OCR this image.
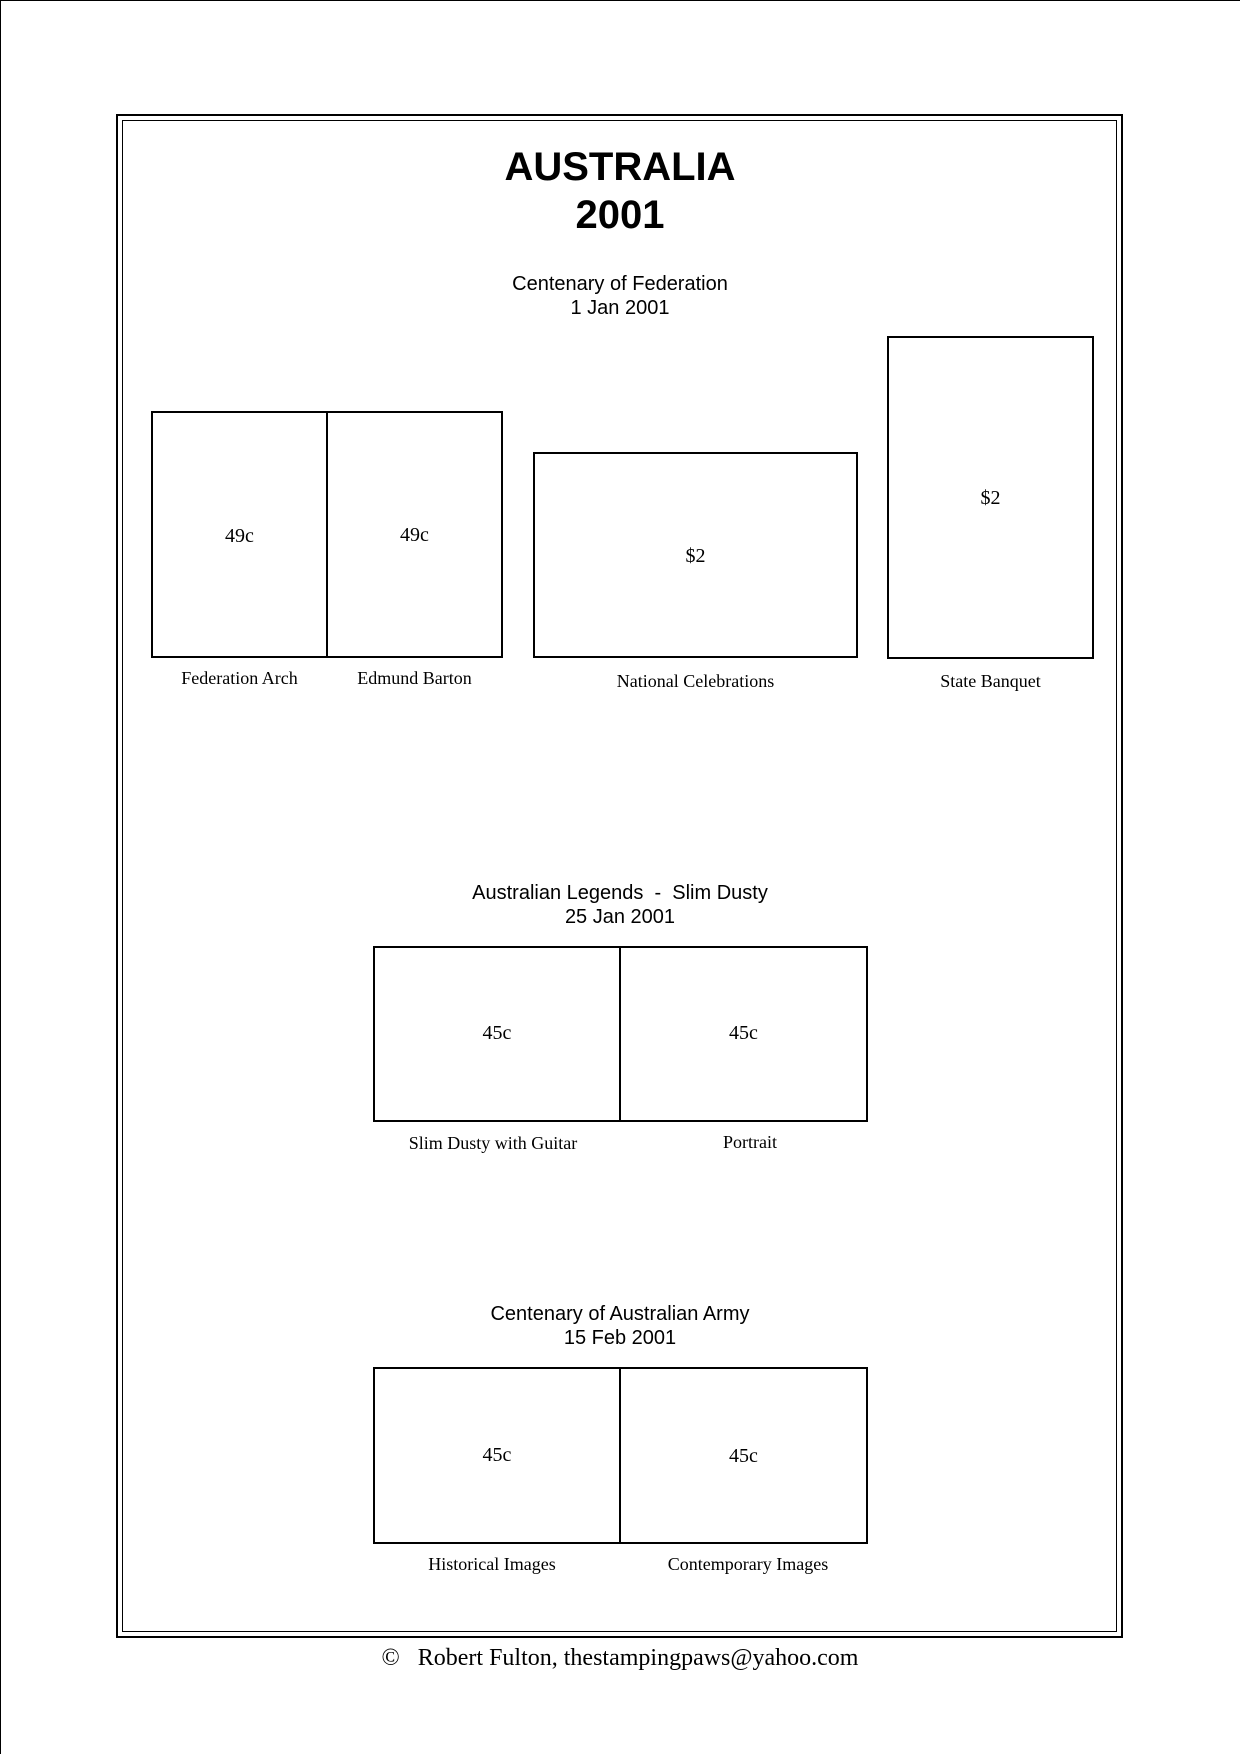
AUSTRALIA
2001
Centenary of Federation
1 Jan 2001
49c	49c
$2
$2
Federation Arch	Edmund Barton	National Celebrations	State Banquet
Australian Legends  -  Slim Dusty
25 Jan 2001
45c	45c
Slim Dusty with Guitar	Portrait
Centenary of Australian Army
15 Feb 2001
45c	45c
Historical Images	Contemporary Images
© Robert Fulton, thestampingpaws@yahoo.com
